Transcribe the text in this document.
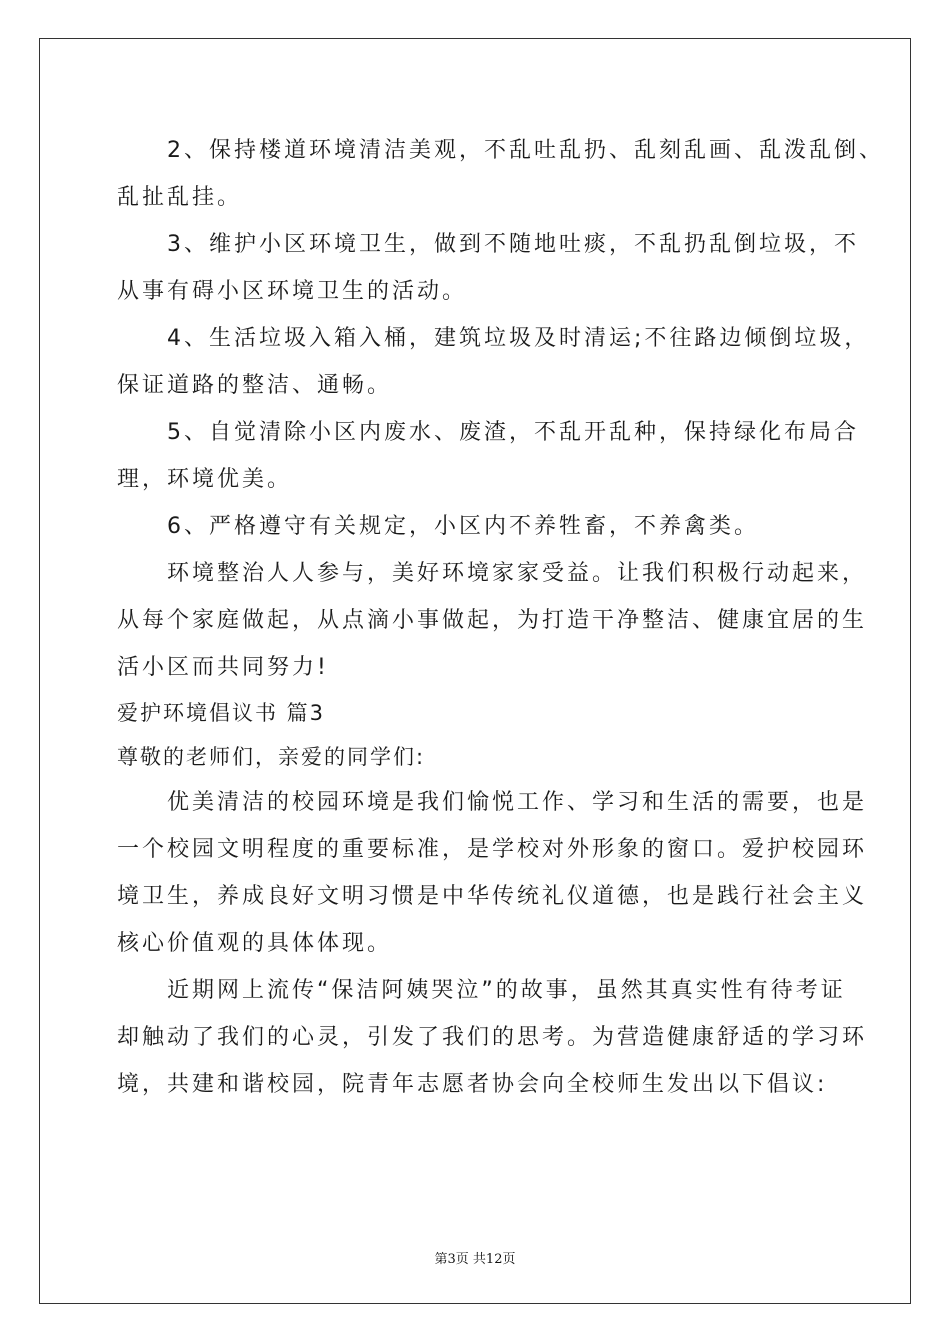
　　2、保持楼道环境清洁美观，不乱吐乱扔、乱刻乱画、乱泼乱倒、
乱扯乱挂。
　　3、维护小区环境卫生，做到不随地吐痰，不乱扔乱倒垃圾，不
从事有碍小区环境卫生的活动。
　　4、生活垃圾入箱入桶，建筑垃圾及时清运;不往路边倾倒垃圾，
保证道路的整洁、通畅。
　　5、自觉清除小区内废水、废渣，不乱开乱种，保持绿化布局合
理，环境优美。
　　6、严格遵守有关规定，小区内不养牲畜，不养禽类。
　　环境整治人人参与，美好环境家家受益。让我们积极行动起来，
从每个家庭做起，从点滴小事做起，为打造干净整洁、健康宜居的生
活小区而共同努力!
爱护环境倡议书 篇3
尊敬的老师们，亲爱的同学们:
　　优美清洁的校园环境是我们愉悦工作、学习和生活的需要，也是
一个校园文明程度的重要标准，是学校对外形象的窗口。爱护校园环
境卫生，养成良好文明习惯是中华传统礼仪道德，也是践行社会主义
核心价值观的具体体现。
　　近期网上流传“保洁阿姨哭泣”的故事，虽然其真实性有待考证
却触动了我们的心灵，引发了我们的思考。为营造健康舒适的学习环
境，共建和谐校园，院青年志愿者协会向全校师生发出以下倡议:
第3页 共12页
